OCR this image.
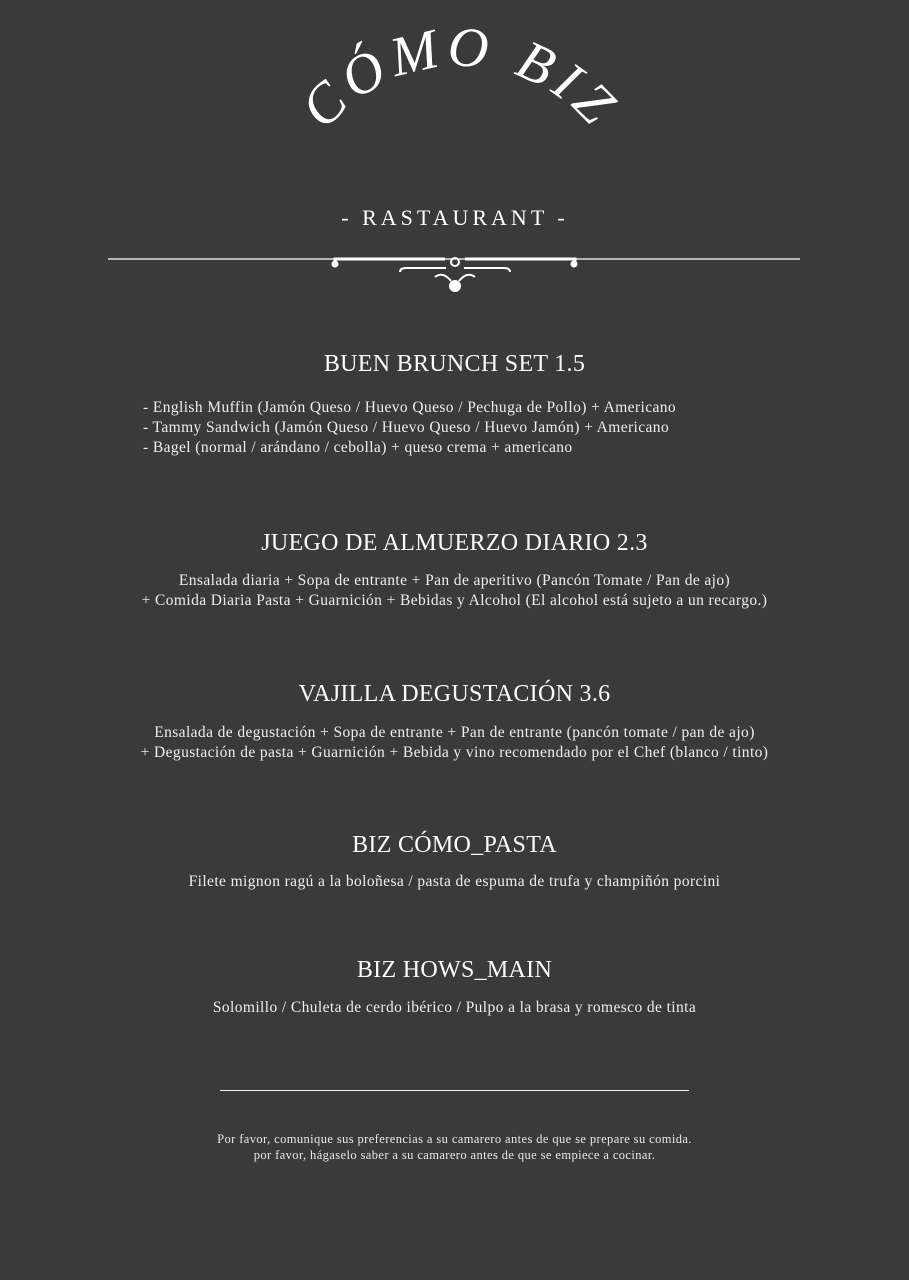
CÓMO BIZ
- RASTAURANT -
BUEN BRUNCH SET 1.5
- English Muffin (Jamón Queso / Huevo Queso / Pechuga de Pollo) + Americano
- Tammy Sandwich (Jamón Queso / Huevo Queso / Huevo Jamón) + Americano
- Bagel (normal / arándano / cebolla) + queso crema + americano
JUEGO DE ALMUERZO DIARIO 2.3
Ensalada diaria + Sopa de entrante + Pan de aperitivo (Pancón Tomate / Pan de ajo)
+ Comida Diaria Pasta + Guarnición + Bebidas y Alcohol (El alcohol está sujeto a un recargo.)
VAJILLA DEGUSTACIÓN 3.6
Ensalada de degustación + Sopa de entrante + Pan de entrante (pancón tomate / pan de ajo)
+ Degustación de pasta + Guarnición + Bebida y vino recomendado por el Chef (blanco / tinto)
BIZ CÓMO_PASTA
Filete mignon ragú a la boloñesa / pasta de espuma de trufa y champiñón porcini
BIZ HOWS_MAIN
Solomillo / Chuleta de cerdo ibérico / Pulpo a la brasa y romesco de tinta
Por favor, comunique sus preferencias a su camarero antes de que se prepare su comida.
por favor, hágaselo saber a su camarero antes de que se empiece a cocinar.
